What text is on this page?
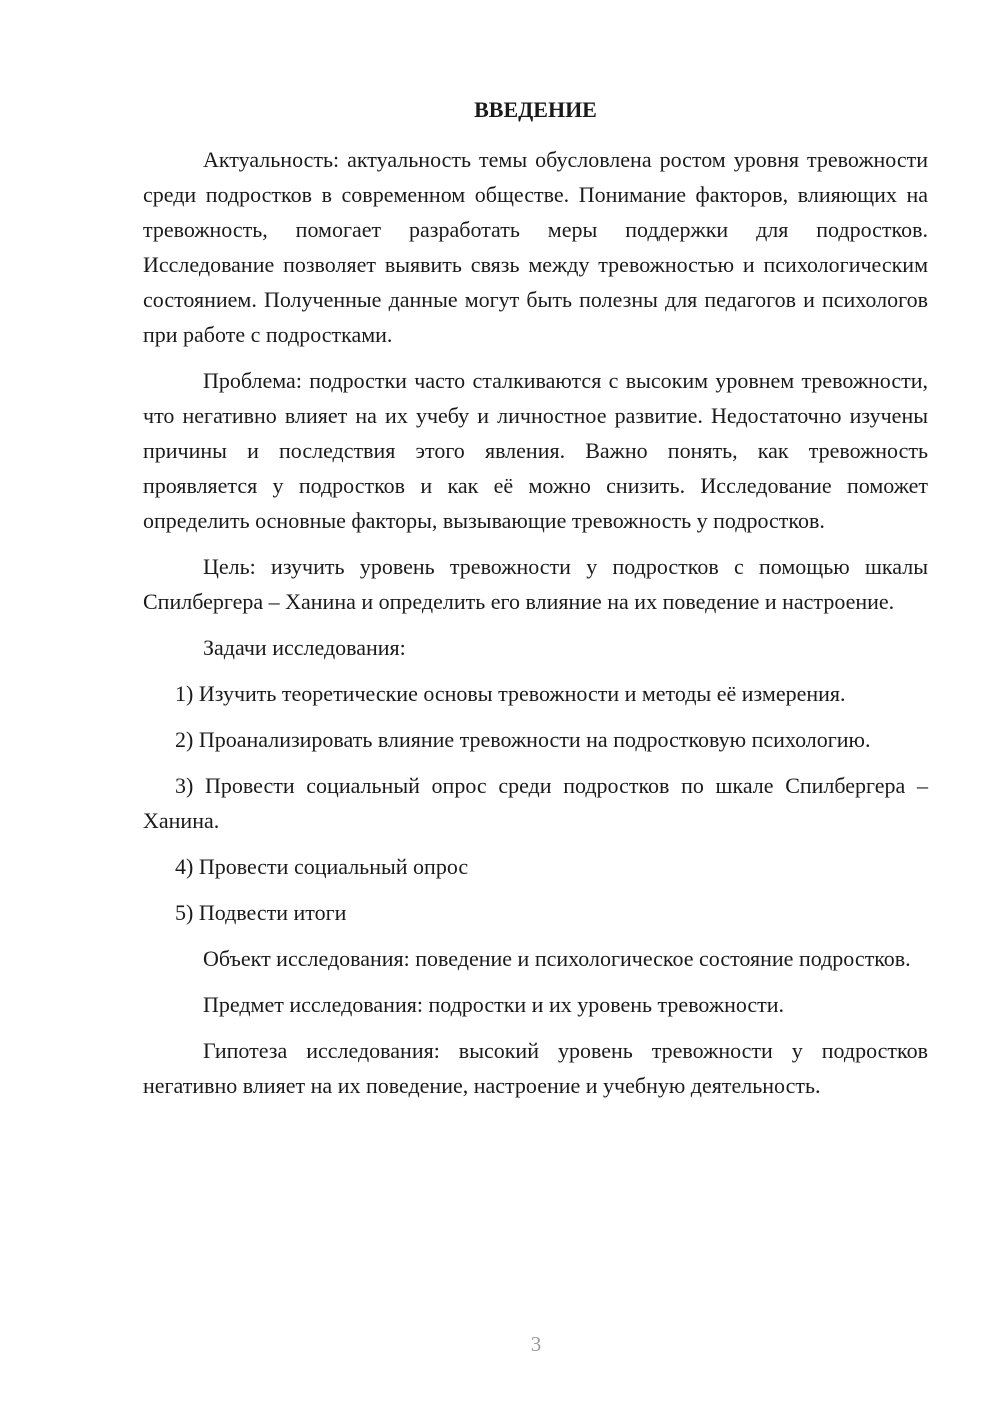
ВВЕДЕНИЕ

Актуальность: актуальность темы обусловлена ростом уровня тревожности среди подростков в современном обществе. Понимание факторов, влияющих на тревожность, помогает разработать меры поддержки для подростков. Исследование позволяет выявить связь между тревожностью и психологическим состоянием. Полученные данные могут быть полезны для педагогов и психологов при работе с подростками.

Проблема: подростки часто сталкиваются с высоким уровнем тревожности, что негативно влияет на их учебу и личностное развитие. Недостаточно изучены причины и последствия этого явления. Важно понять, как тревожность проявляется у подростков и как её можно снизить. Исследование поможет определить основные факторы, вызывающие тревожность у подростков.

Цель: изучить уровень тревожности у подростков с помощью шкалы Спилбергера – Ханина и определить его влияние на их поведение и настроение.

Задачи исследования:

1) Изучить теоретические основы тревожности и методы её измерения.

2) Проанализировать влияние тревожности на подростковую психологию.

3) Провести социальный опрос среди подростков по шкале Спилбергера – Ханина.

4) Провести социальный опрос

5) Подвести итоги

Объект исследования: поведение и психологическое состояние подростков.

Предмет исследования: подростки и их уровень тревожности.

Гипотеза исследования: высокий уровень тревожности у подростков негативно влияет на их поведение, настроение и учебную деятельность.

3
